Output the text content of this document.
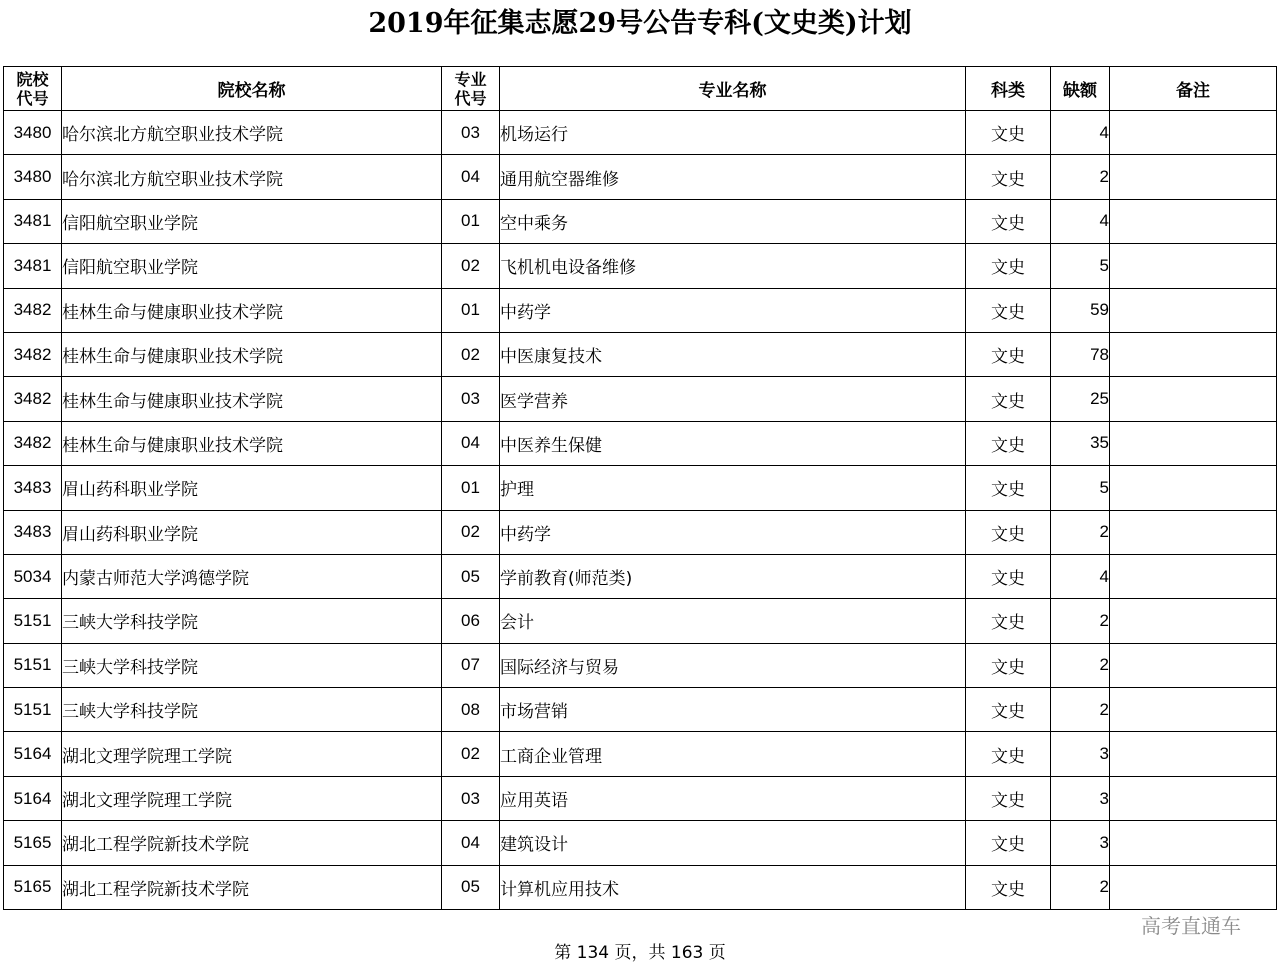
2019年征集志愿29号公告专科(文史类)计划
院校代号	院校名称	专业代号	专业名称	科类	缺额	备注
3480	哈尔滨北方航空职业技术学院	03	机场运行	文史	4	
3480	哈尔滨北方航空职业技术学院	04	通用航空器维修	文史	2	
3481	信阳航空职业学院	01	空中乘务	文史	4	
3481	信阳航空职业学院	02	飞机机电设备维修	文史	5	
3482	桂林生命与健康职业技术学院	01	中药学	文史	59	
3482	桂林生命与健康职业技术学院	02	中医康复技术	文史	78	
3482	桂林生命与健康职业技术学院	03	医学营养	文史	25	
3482	桂林生命与健康职业技术学院	04	中医养生保健	文史	35	
3483	眉山药科职业学院	01	护理	文史	5	
3483	眉山药科职业学院	02	中药学	文史	2	
5034	内蒙古师范大学鸿德学院	05	学前教育(师范类)	文史	4	
5151	三峡大学科技学院	06	会计	文史	2	
5151	三峡大学科技学院	07	国际经济与贸易	文史	2	
5151	三峡大学科技学院	08	市场营销	文史	2	
5164	湖北文理学院理工学院	02	工商企业管理	文史	3	
5164	湖北文理学院理工学院	03	应用英语	文史	3	
5165	湖北工程学院新技术学院	04	建筑设计	文史	3	
5165	湖北工程学院新技术学院	05	计算机应用技术	文史	2	
高考直通车
第 134 页，共 163 页
